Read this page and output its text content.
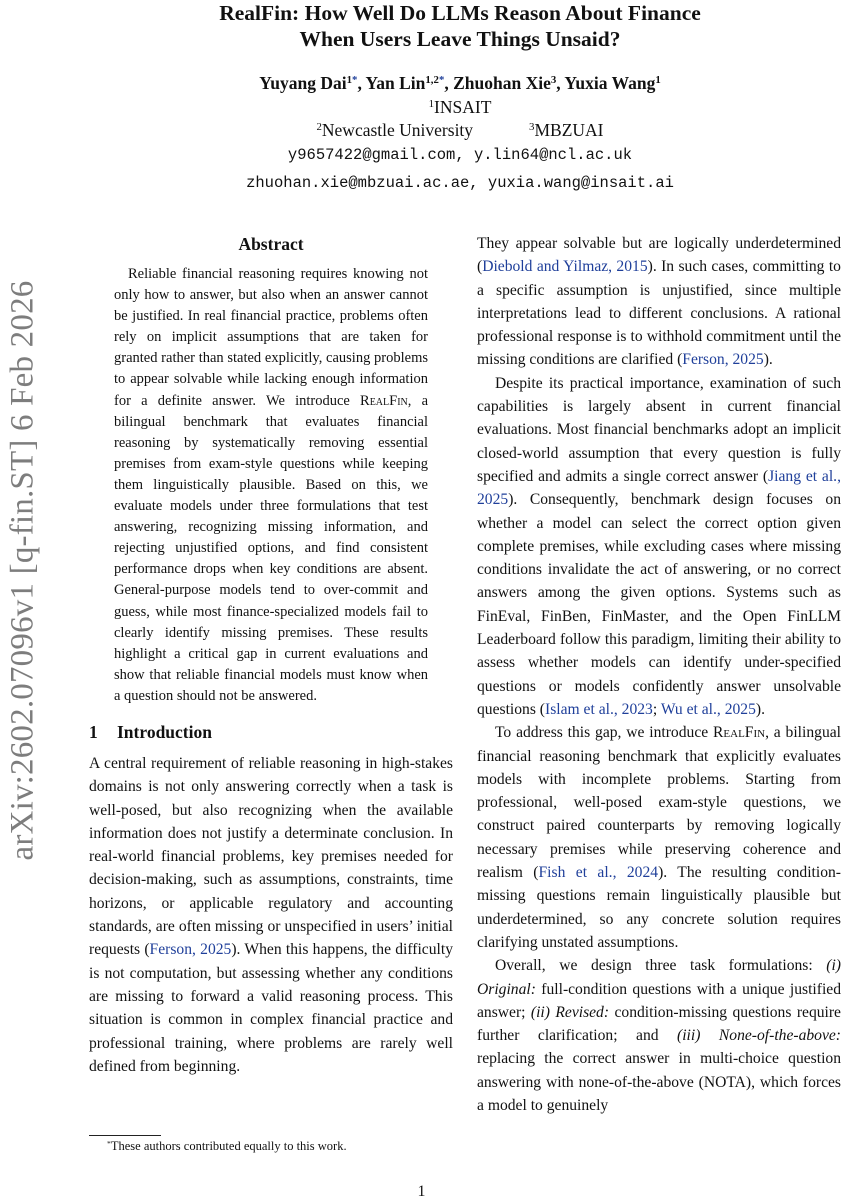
arXiv:2602.07096v1 [q-fin.ST] 6 Feb 2026
RealFin: How Well Do LLMs Reason About Finance
When Users Leave Things Unsaid?
Yuyang Dai$^{1*}$, Yan Lin$^{1,2*}$, Zhuohan Xie$^3$, Yuxia Wang$^1$
$^1$INSAIT
$^2$Newcastle University	$^3$MBZUAI
y9657422@gmail.com, y.lin64@ncl.ac.uk
zhuohan.xie@mbzuai.ac.ae, yuxia.wang@insait.ai
Abstract

Reliable financial reasoning requires knowing not only how to answer, but also when an answer cannot be justified. In real financial practice, problems often rely on implicit assumptions that are taken for granted rather than stated explicitly, causing problems to appear solvable while lacking enough information for a definite answer. We introduce RealFin, a bilingual benchmark that evaluates financial reasoning by systematically removing essential premises from exam-style questions while keeping them linguistically plausible. Based on this, we evaluate models under three formulations that test answering, recognizing missing information, and rejecting unjustified options, and find consistent performance drops when key conditions are absent. General-purpose models tend to over-commit and guess, while most finance-specialized models fail to clearly identify missing premises. These results highlight a critical gap in current evaluations and show that reliable financial models must know when a question should not be answered.

1 Introduction

A central requirement of reliable reasoning in high-stakes domains is not only answering correctly when a task is well-posed, but also recognizing when the available information does not justify a determinate conclusion. In real-world financial problems, key premises needed for decision-making, such as assumptions, constraints, time horizons, or applicable regulatory and accounting standards, are often missing or unspecified in users’ initial requests (Ferson, 2025). When this happens, the difficulty is not computation, but assessing whether any conditions are missing to forward a valid reasoning process. This situation is common in complex financial practice and professional training, where problems are rarely well defined from beginning.

They appear solvable but are logically underdetermined (Diebold and Yilmaz, 2015). In such cases, committing to a specific assumption is unjustified, since multiple interpretations lead to different conclusions. A rational professional response is to withhold commitment until the missing conditions are clarified (Ferson, 2025).

Despite its practical importance, examination of such capabilities is largely absent in current financial evaluations. Most financial benchmarks adopt an implicit closed-world assumption that every question is fully specified and admits a single correct answer (Jiang et al., 2025). Consequently, benchmark design focuses on whether a model can select the correct option given complete premises, while excluding cases where missing conditions invalidate the act of answering, or no correct answers among the given options. Systems such as FinEval, FinBen, FinMaster, and the Open FinLLM Leaderboard follow this paradigm, limiting their ability to assess whether models can identify under-specified questions or models confidently answer unsolvable questions (Islam et al., 2023; Wu et al., 2025).

To address this gap, we introduce RealFin, a bilingual financial reasoning benchmark that explicitly evaluates models with incomplete problems. Starting from professional, well-posed exam-style questions, we construct paired counterparts by removing logically necessary premises while preserving coherence and realism (Fish et al., 2024). The resulting condition-missing questions remain linguistically plausible but underdetermined, so any concrete solution requires clarifying unstated assumptions.

Overall, we design three task formulations: (i) Original: full-condition questions with a unique justified answer; (ii) Revised: condition-missing questions require further clarification; and (iii) None-of-the-above: replacing the correct answer in multi-choice question answering with none-of-the-above (NOTA), which forces a model to genuinely

*These authors contributed equally to this work.
1
